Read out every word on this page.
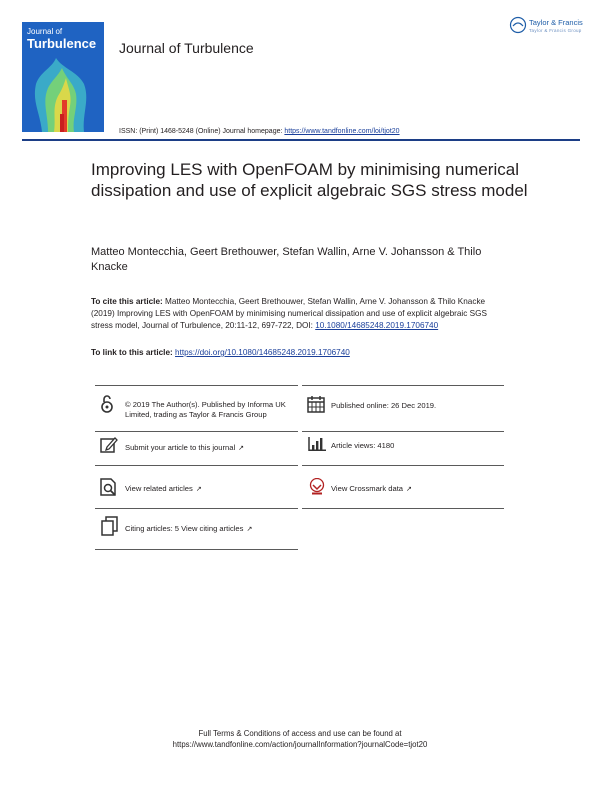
Journal of
Turbulence Journal of Turbulence
Taylor & Francis
Taylor & Francis Group
ISSN: (Print) 1468-5248 (Online) Journal homepage: https://www.tandfonline.com/loi/tjot20
Improving LES with OpenFOAM by minimising numerical dissipation and use of explicit algebraic SGS stress model
Matteo Montecchia, Geert Brethouwer, Stefan Wallin, Arne V. Johansson & Thilo Knacke
To cite this article: Matteo Montecchia, Geert Brethouwer, Stefan Wallin, Arne V. Johansson & Thilo Knacke (2019) Improving LES with OpenFOAM by minimising numerical dissipation and use of explicit algebraic SGS stress model, Journal of Turbulence, 20:11-12, 697-722, DOI: 10.1080/14685248.2019.1706740
To link to this article: https://doi.org/10.1080/14685248.2019.1706740
© 2019 The Author(s). Published by Informa UK Limited, trading as Taylor & Francis Group
Published online: 26 Dec 2019.
Submit your article to this journal ↗	Article views: 4180
View related articles ↗	View Crossmark data ↗
Citing articles: 5 View citing articles ↗
Full Terms & Conditions of access and use can be found at
https://www.tandfonline.com/action/journalInformation?journalCode=tjot20
